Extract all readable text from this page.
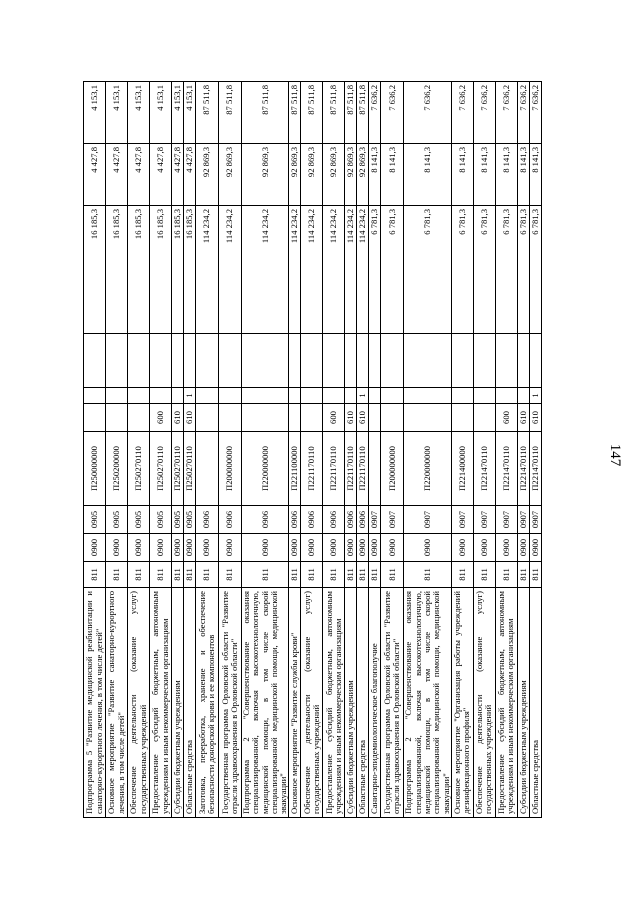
147
Подпрограмма 5 "Развитие медицинской реабилитации и санаторно-курортного лечения, в том числе детей"	811	0900	0905	П250000000					16 185,3	4 427,8	4 153,1
Основное мероприятие "Развитие санаторно-курортного лечения, в том числе детей"	811	0900	0905	П250200000					16 185,3	4 427,8	4 153,1
Обеспечение деятельности (оказание услуг) государственных учреждений	811	0900	0905	П250270110					16 185,3	4 427,8	4 153,1
Предоставление субсидий бюджетным, автономным учреждениям и иным некоммерческим организациям	811	0900	0905	П250270110	600				16 185,3	4 427,8	4 153,1
Субсидии бюджетным учреждениям	811	0900	0905	П250270110	610				16 185,3	4 427,8	4 153,1
Областные средства	811	0900	0905	П250270110	610	1			16 185,3	4 427,8	4 153,1
Заготовка, переработка, хранение и обеспечение безопасности донорской крови и ее компонентов	811	0900	0906						114 234,2	92 869,3	87 511,8
Государственная программа Орловской области "Развитие отрасли здравоохранения в Орловской области"	811	0900	0906	П200000000					114 234,2	92 869,3	87 511,8
Подпрограмма 2 "Совершенствование оказания специализированной, включая высокотехнологичную, медицинской помощи, в том числе скорой специализированной медицинской помощи, медицинской эвакуации"	811	0900	0906	П220000000					114 234,2	92 869,3	87 511,8
Основное мероприятие "Развитие службы крови"	811	0900	0906	П221100000					114 234,2	92 869,3	87 511,8
Обеспечение деятельности (оказание услуг) государственных учреждений	811	0900	0906	П221170110					114 234,2	92 869,3	87 511,8
Предоставление субсидий бюджетным, автономным учреждениям и иным некоммерческим организациям	811	0900	0906	П221170110	600				114 234,2	92 869,3	87 511,8
Субсидии бюджетным учреждениям	811	0900	0906	П221170110	610				114 234,2	92 869,3	87 511,8
Областные средства	811	0900	0906	П221170110	610	1			114 234,2	92 869,3	87 511,8
Санитарно-эпидемиологическое благополучие	811	0900	0907						6 781,3	8 141,3	7 636,2
Государственная программа Орловской области "Развитие отрасли здравоохранения в Орловской области"	811	0900	0907	П200000000					6 781,3	8 141,3	7 636,2
Подпрограмма 2 "Совершенствование оказания специализированной, включая высокотехнологичную, медицинской помощи, в том числе скорой специализированной медицинской помощи, медицинской эвакуации"	811	0900	0907	П220000000					6 781,3	8 141,3	7 636,2
Основное мероприятие "Организация работы учреждений дезинфекционного профиля"	811	0900	0907	П221400000					6 781,3	8 141,3	7 636,2
Обеспечение деятельности (оказание услуг) государственных учреждений	811	0900	0907	П221470110					6 781,3	8 141,3	7 636,2
Предоставление субсидий бюджетным, автономным учреждениям и иным некоммерческим организациям	811	0900	0907	П221470110	600				6 781,3	8 141,3	7 636,2
Субсидии бюджетным учреждениям	811	0900	0907	П221470110	610				6 781,3	8 141,3	7 636,2
Областные средства	811	0900	0907	П221470110	610	1			6 781,3	8 141,3	7 636,2
